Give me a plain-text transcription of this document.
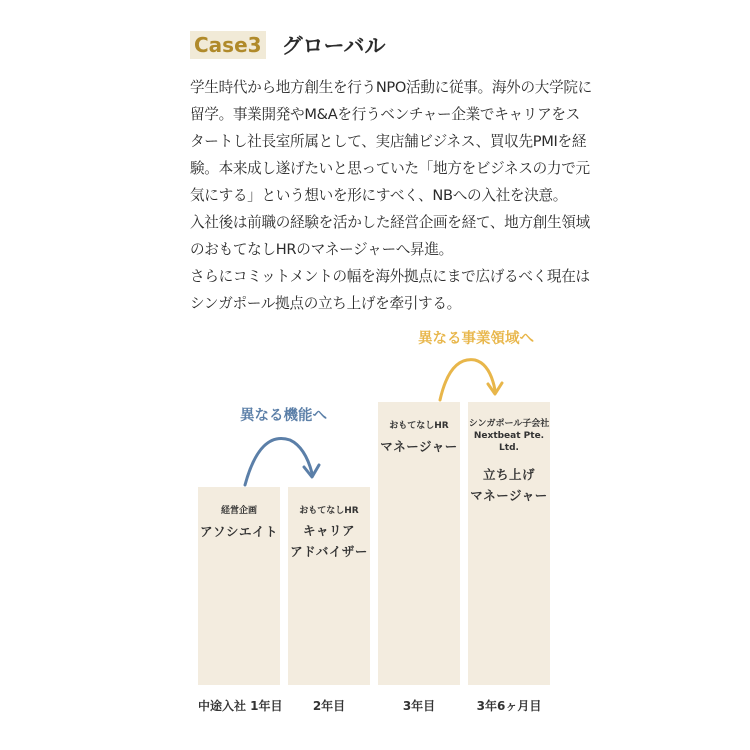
Case3 グローバル

学生時代から地方創生を行うNPO活動に従事。海外の大学院に
留学。事業開発やM&Aを行うベンチャー企業でキャリアをス
タートし社長室所属として、実店舗ビジネス、買収先PMIを経
験。本来成し遂げたいと思っていた「地方をビジネスの力で元
気にする」という想いを形にすべく、NBへの入社を決意。
入社後は前職の経験を活かした経営企画を経て、地方創生領域
のおもてなしHRのマネージャーへ昇進。
さらにコミットメントの幅を海外拠点にまで広げるべく現在は
シンガポール拠点の立ち上げを牽引する。

異なる機能へ
異なる事業領域へ
経営企画
アソシエイト
おもてなしHR
キャリア
アドバイザー
おもてなしHR
マネージャー
シンガポール子会社
Nextbeat Pte. Ltd.
立ち上げ
マネージャー
中途入社 1年目	2年目	3年目	3年6ヶ月目
